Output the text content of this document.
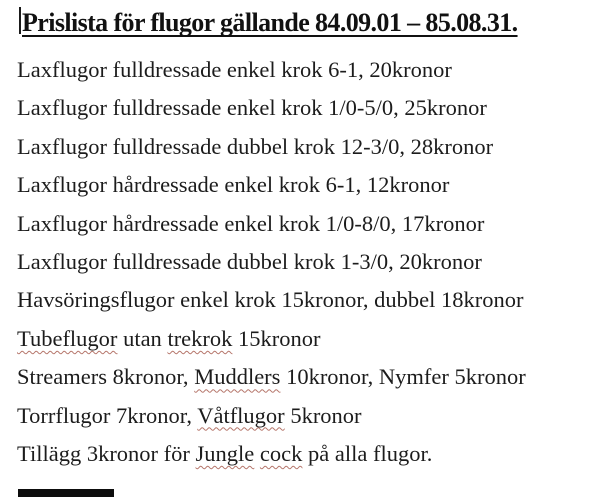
Prislista för flugor gällande 84.09.01 – 85.08.31.
Laxflugor fulldressade enkel krok 6-1, 20kronor
Laxflugor fulldressade enkel krok 1/0-5/0, 25kronor
Laxflugor fulldressade dubbel krok 12-3/0, 28kronor
Laxflugor hårdressade enkel krok 6-1, 12kronor
Laxflugor hårdressade enkel krok 1/0-8/0, 17kronor
Laxflugor fulldressade dubbel krok 1-3/0, 20kronor
Havsöringsflugor enkel krok 15kronor, dubbel 18kronor
Tubeflugor utan trekrok 15kronor
Streamers 8kronor, Muddlers 10kronor, Nymfer 5kronor
Torrflugor 7kronor, Våtflugor 5kronor
Tillägg 3kronor för Jungle cock på alla flugor.
